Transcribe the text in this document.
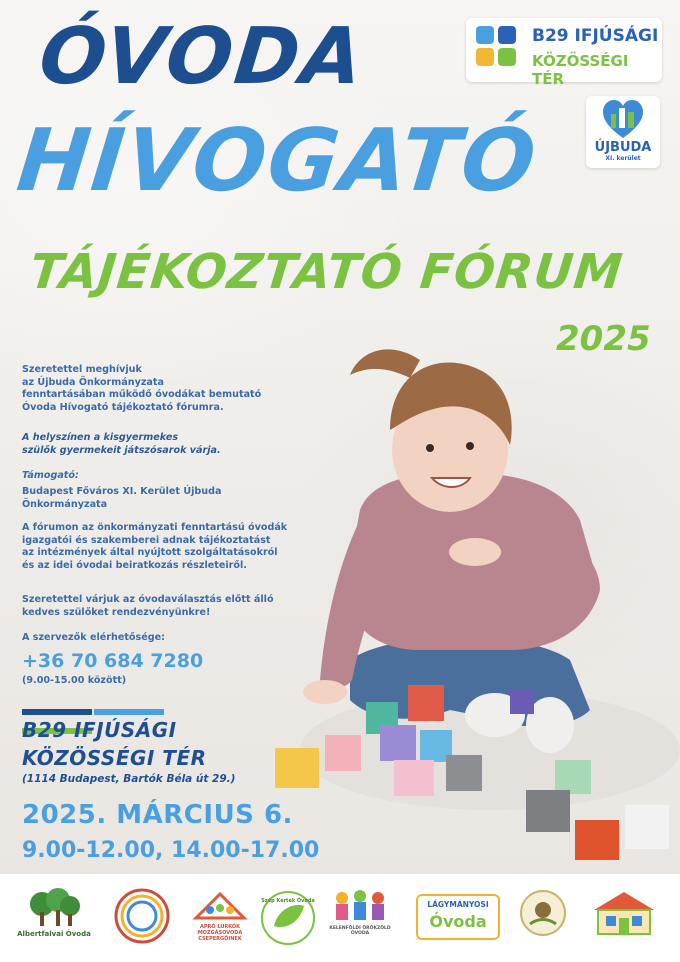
ÓVODA
HÍVOGATÓ
TÁJÉKOZTATÓ FÓRUM
2025
B29 IFJÚSÁGI
KÖZÖSSÉGI TÉR
ÚJBUDA
XI. kerület
Szeretettel meghívjuk
az Újbuda Önkormányzata
fenntartásában működő óvodákat bemutató
Óvoda Hívogató tájékoztató fórumra.
A helyszínen a kisgyermekes
szülők gyermekeit játszósarok várja.
Támogató:
Budapest Főváros XI. Kerület Újbuda
Önkormányzata
A fórumon az önkormányzati fenntartású óvodák
igazgatói és szakemberei adnak tájékoztatást
az intézmények által nyújtott szolgáltatásokról
és az idei óvodai beiratkozás részleteiről.
Szeretettel várjuk az óvodaválasztás előtt álló
kedves szülőket rendezvényünkre!
A szervezők elérhetősége:
+36 70 684 7280
(9.00-15.00 között)
B29 IFJÚSÁGI
KÖZÖSSÉGI TÉR
(1114 Budapest, Bartók Béla út 29.)
2025. MÁRCIUS 6.
9.00-12.00, 14.00-17.00
Albertfalvai Óvoda
APRÓ LURKÓK MOZGÁSOVODA CSEPERGŐINEK
Szép Kertek Óvoda
KELENFÖLDI ÖRÖKZÖLD ÓVODA
LÁGYMÁNYOSI
Óvoda
